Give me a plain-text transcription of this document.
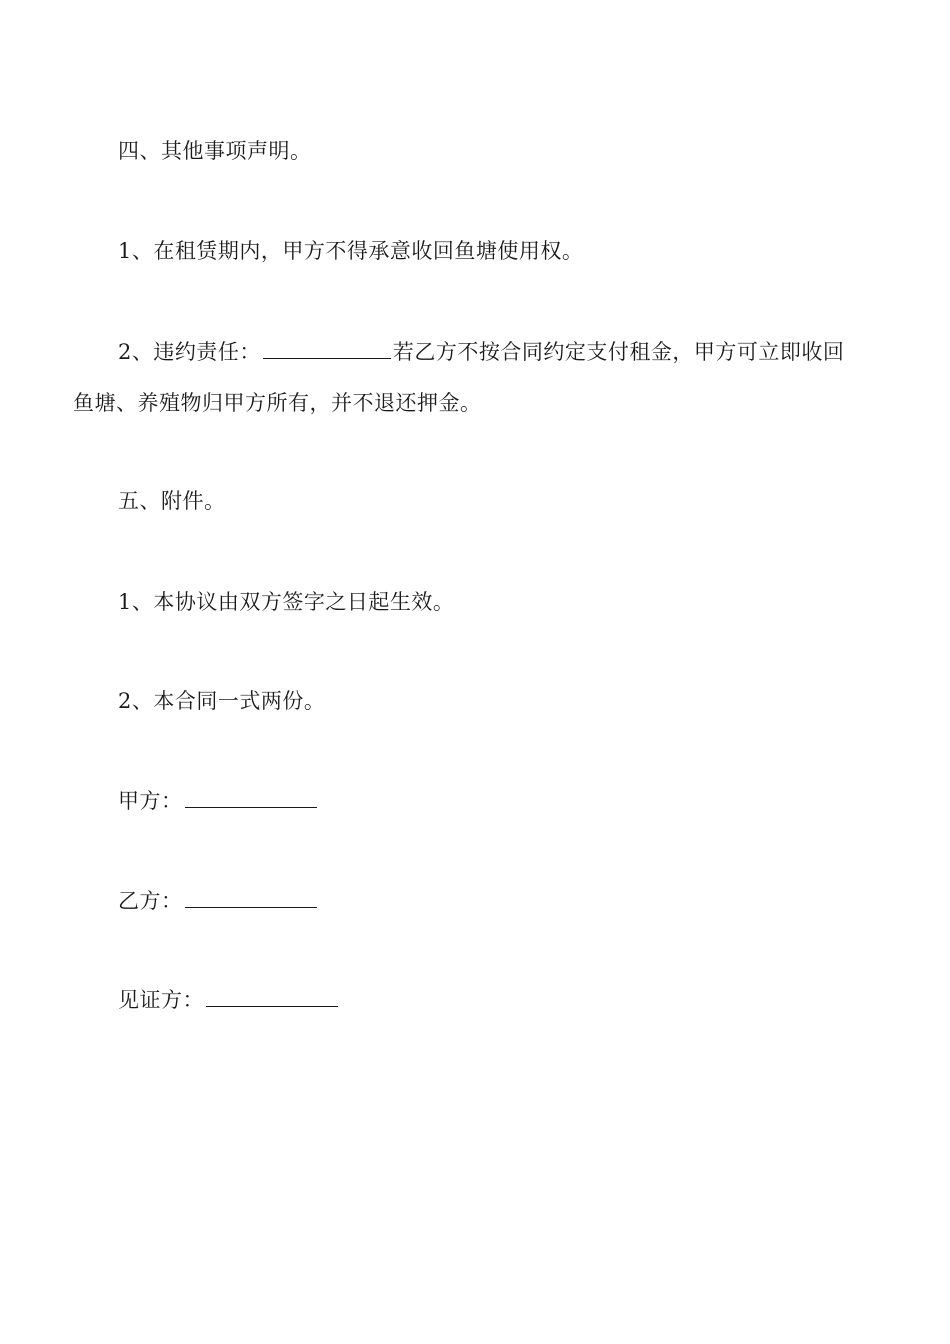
四、其他事项声明。
1、在租赁期内，甲方不得承意收回鱼塘使用权。
2、违约责任：	若乙方不按合同约定支付租金，甲方可立即收回
鱼塘、养殖物归甲方所有，并不退还押金。
五、附件。
1、本协议由双方签字之日起生效。
2、本合同一式两份。
甲方：
乙方：
见证方：
